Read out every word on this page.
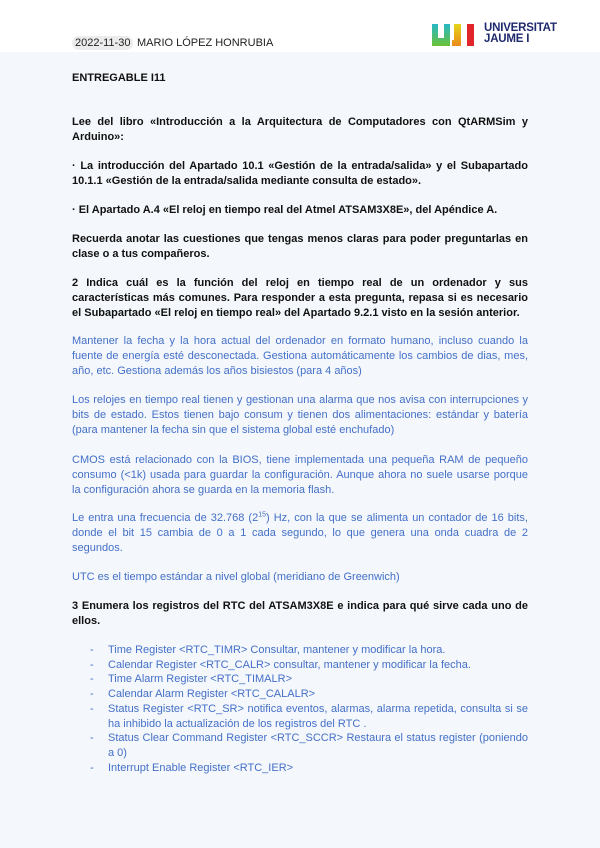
2022-11-30 MARIO LÓPEZ HONRUBIA
UNIVERSITAT
JAUME I
ENTREGABLE I11
Lee del libro «Introducción a la Arquitectura de Computadores con QtARMSim y Arduino»:
· La introducción del Apartado 10.1 «Gestión de la entrada/salida» y el Subapartado 10.1.1 «Gestión de la entrada/salida mediante consulta de estado».
· El Apartado A.4 «El reloj en tiempo real del Atmel ATSAM3X8E», del Apéndice A.
Recuerda anotar las cuestiones que tengas menos claras para poder preguntarlas en clase o a tus compañeros.
2 Indica cuál es la función del reloj en tiempo real de un ordenador y sus características más comunes. Para responder a esta pregunta, repasa si es necesario el Subapartado «El reloj en tiempo real» del Apartado 9.2.1 visto en la sesión anterior.
Mantener la fecha y la hora actual del ordenador en formato humano, incluso cuando la fuente de energía esté desconectada. Gestiona automáticamente los cambios de dias, mes, año, etc. Gestiona además los años bisiestos (para 4 años)
Los relojes en tiempo real tienen y gestionan una alarma que nos avisa con interrupciones y bits de estado. Estos tienen bajo consum y tienen dos alimentaciones: estándar y batería (para mantener la fecha sin que el sistema global esté enchufado)
CMOS está relacionado con la BIOS, tiene implementada una pequeña RAM de pequeño consumo (<1k) usada para guardar la configuración. Aunque ahora no suele usarse porque la configuración ahora se guarda en la memoria flash.
Le entra una frecuencia de 32.768 $(2^{15})$ Hz, con la que se alimenta un contador de 16 bits, donde el bit 15 cambia de 0 a 1 cada segundo, lo que genera una onda cuadra de 2 segundos.
UTC es el tiempo estándar a nivel global (meridiano de Greenwich)
3 Enumera los registros del RTC del ATSAM3X8E e indica para qué sirve cada uno de ellos.
- Time Register <RTC_TIMR> Consultar, mantener y modificar la hora.
- Calendar Register <RTC_CALR> consultar, mantener y modificar la fecha.
- Time Alarm Register <RTC_TIMALR>
- Calendar Alarm Register <RTC_CALALR>
- Status Register <RTC_SR> notifica eventos, alarmas, alarma repetida, consulta si se ha inhibido la actualización de los registros del RTC .
- Status Clear Command Register <RTC_SCCR> Restaura el status register (poniendo a 0)
- Interrupt Enable Register <RTC_IER>
